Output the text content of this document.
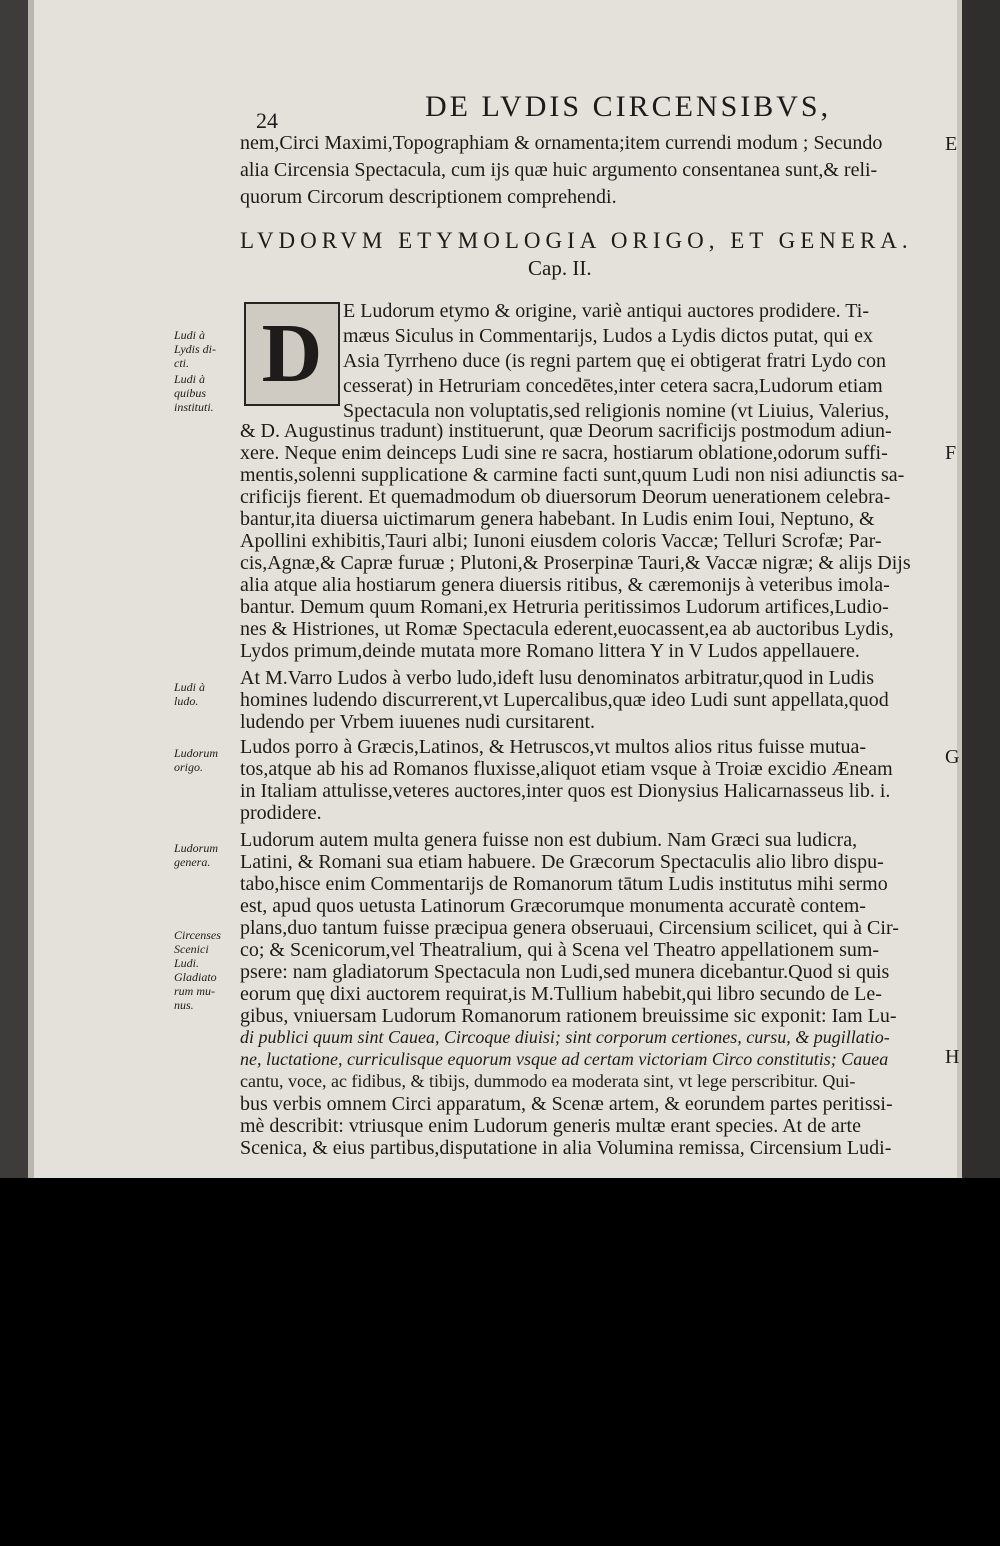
24	DE LVDIS CIRCENSIBVS,
nem,Circi Maximi,Topographiam & ornamenta;item currendi modum ; Secundo
alia Circensia Spectacula, cum ijs quæ huic argumento consentanea sunt,& reli-
quorum Circorum descriptionem comprehendi.
LVDORVM ETYMOLOGIA ORIGO, ET GENERA.
Cap. II.
D E Ludorum etymo & origine, variè antiqui auctores prodidere. Ti-
mæus Siculus in Commentarijs, Ludos a Lydis dictos putat, qui ex
Asia Tyrrheno duce (is regni partem quę ei obtigerat fratri Lydo con
cesserat) in Hetruriam concedētes,inter cetera sacra,Ludorum etiam
Spectacula non voluptatis,sed religionis nomine (vt Liuius, Valerius,
& D. Augustinus tradunt) instituerunt, quæ Deorum sacrificijs postmodum adiun-
xere. Neque enim deinceps Ludi sine re sacra, hostiarum oblatione,odorum suffi-
mentis,solenni supplicatione & carmine facti sunt,quum Ludi non nisi adiunctis sa-
crificijs fierent. Et quemadmodum ob diuersorum Deorum uenerationem celebra-
bantur,ita diuersa uictimarum genera habebant. In Ludis enim Ioui, Neptuno, &
Apollini exhibitis,Tauri albi; Iunoni eiusdem coloris Vaccæ; Telluri Scrofæ; Par-
cis,Agnæ,& Capræ furuæ ; Plutoni,& Proserpinæ Tauri,& Vaccæ nigræ; & alijs Dijs
alia atque alia hostiarum genera diuersis ritibus, & cæremonijs à veteribus imola-
bantur. Demum quum Romani,ex Hetruria peritissimos Ludorum artifices,Ludio-
nes & Histriones, ut Romæ Spectacula ederent,euocassent,ea ab auctoribus Lydis,
Lydos primum,deinde mutata more Romano littera Y in V Ludos appellauere.
At M.Varro Ludos à verbo ludo,ideft lusu denominatos arbitratur,quod in Ludis
homines ludendo discurrerent,vt Lupercalibus,quæ ideo Ludi sunt appellata,quod
ludendo per Vrbem iuuenes nudi cursitarent.
Ludos porro à Græcis,Latinos, & Hetruscos,vt multos alios ritus fuisse mutua-
tos,atque ab his ad Romanos fluxisse,aliquot etiam vsque à Troiæ excidio Æneam
in Italiam attulisse,veteres auctores,inter quos est Dionysius Halicarnasseus lib. i.
prodidere.
Ludorum autem multa genera fuisse non est dubium. Nam Græci sua ludicra,
Latini, & Romani sua etiam habuere. De Græcorum Spectaculis alio libro dispu-
tabo,hisce enim Commentarijs de Romanorum tātum Ludis institutus mihi sermo
est, apud quos uetusta Latinorum Græcorumque monumenta accuratè contem-
plans,duo tantum fuisse præcipua genera obseruaui, Circensium scilicet, qui à Cir-
co; & Scenicorum,vel Theatralium, qui à Scena vel Theatro appellationem sum-
psere: nam gladiatorum Spectacula non Ludi,sed munera dicebantur.Quod si quis
eorum quę dixi auctorem requirat,is M.Tullium habebit,qui libro secundo de Le-
gibus, vniuersam Ludorum Romanorum rationem breuissime sic exponit: Iam Lu-
di publici quum sint Cauea, Circoque diuisi; sint corporum certiones, cursu, & pugillatio-
ne, luctatione, curriculisque equorum vsque ad certam victoriam Circo constitutis; Cauea
cantu, voce, ac fidibus, & tibijs, dummodo ea moderata sint, vt lege perscribitur. Qui-
bus verbis omnem Circi apparatum, & Scenæ artem, & eorundem partes peritissi-
mè describit: vtriusque enim Ludorum generis multæ erant species. At de arte
Scenica, & eius partibus,disputatione in alia Volumina remissa, Circensium Ludi-
Ludi à
Lydis di-
cti.
Ludi à
quibus
instituti.
Ludi à
ludo.
Ludorum
origo.
Ludorum
genera.
Circenses
Scenici
Ludi.
Gladiato
rum mu-
nus.
E
F
G
H
